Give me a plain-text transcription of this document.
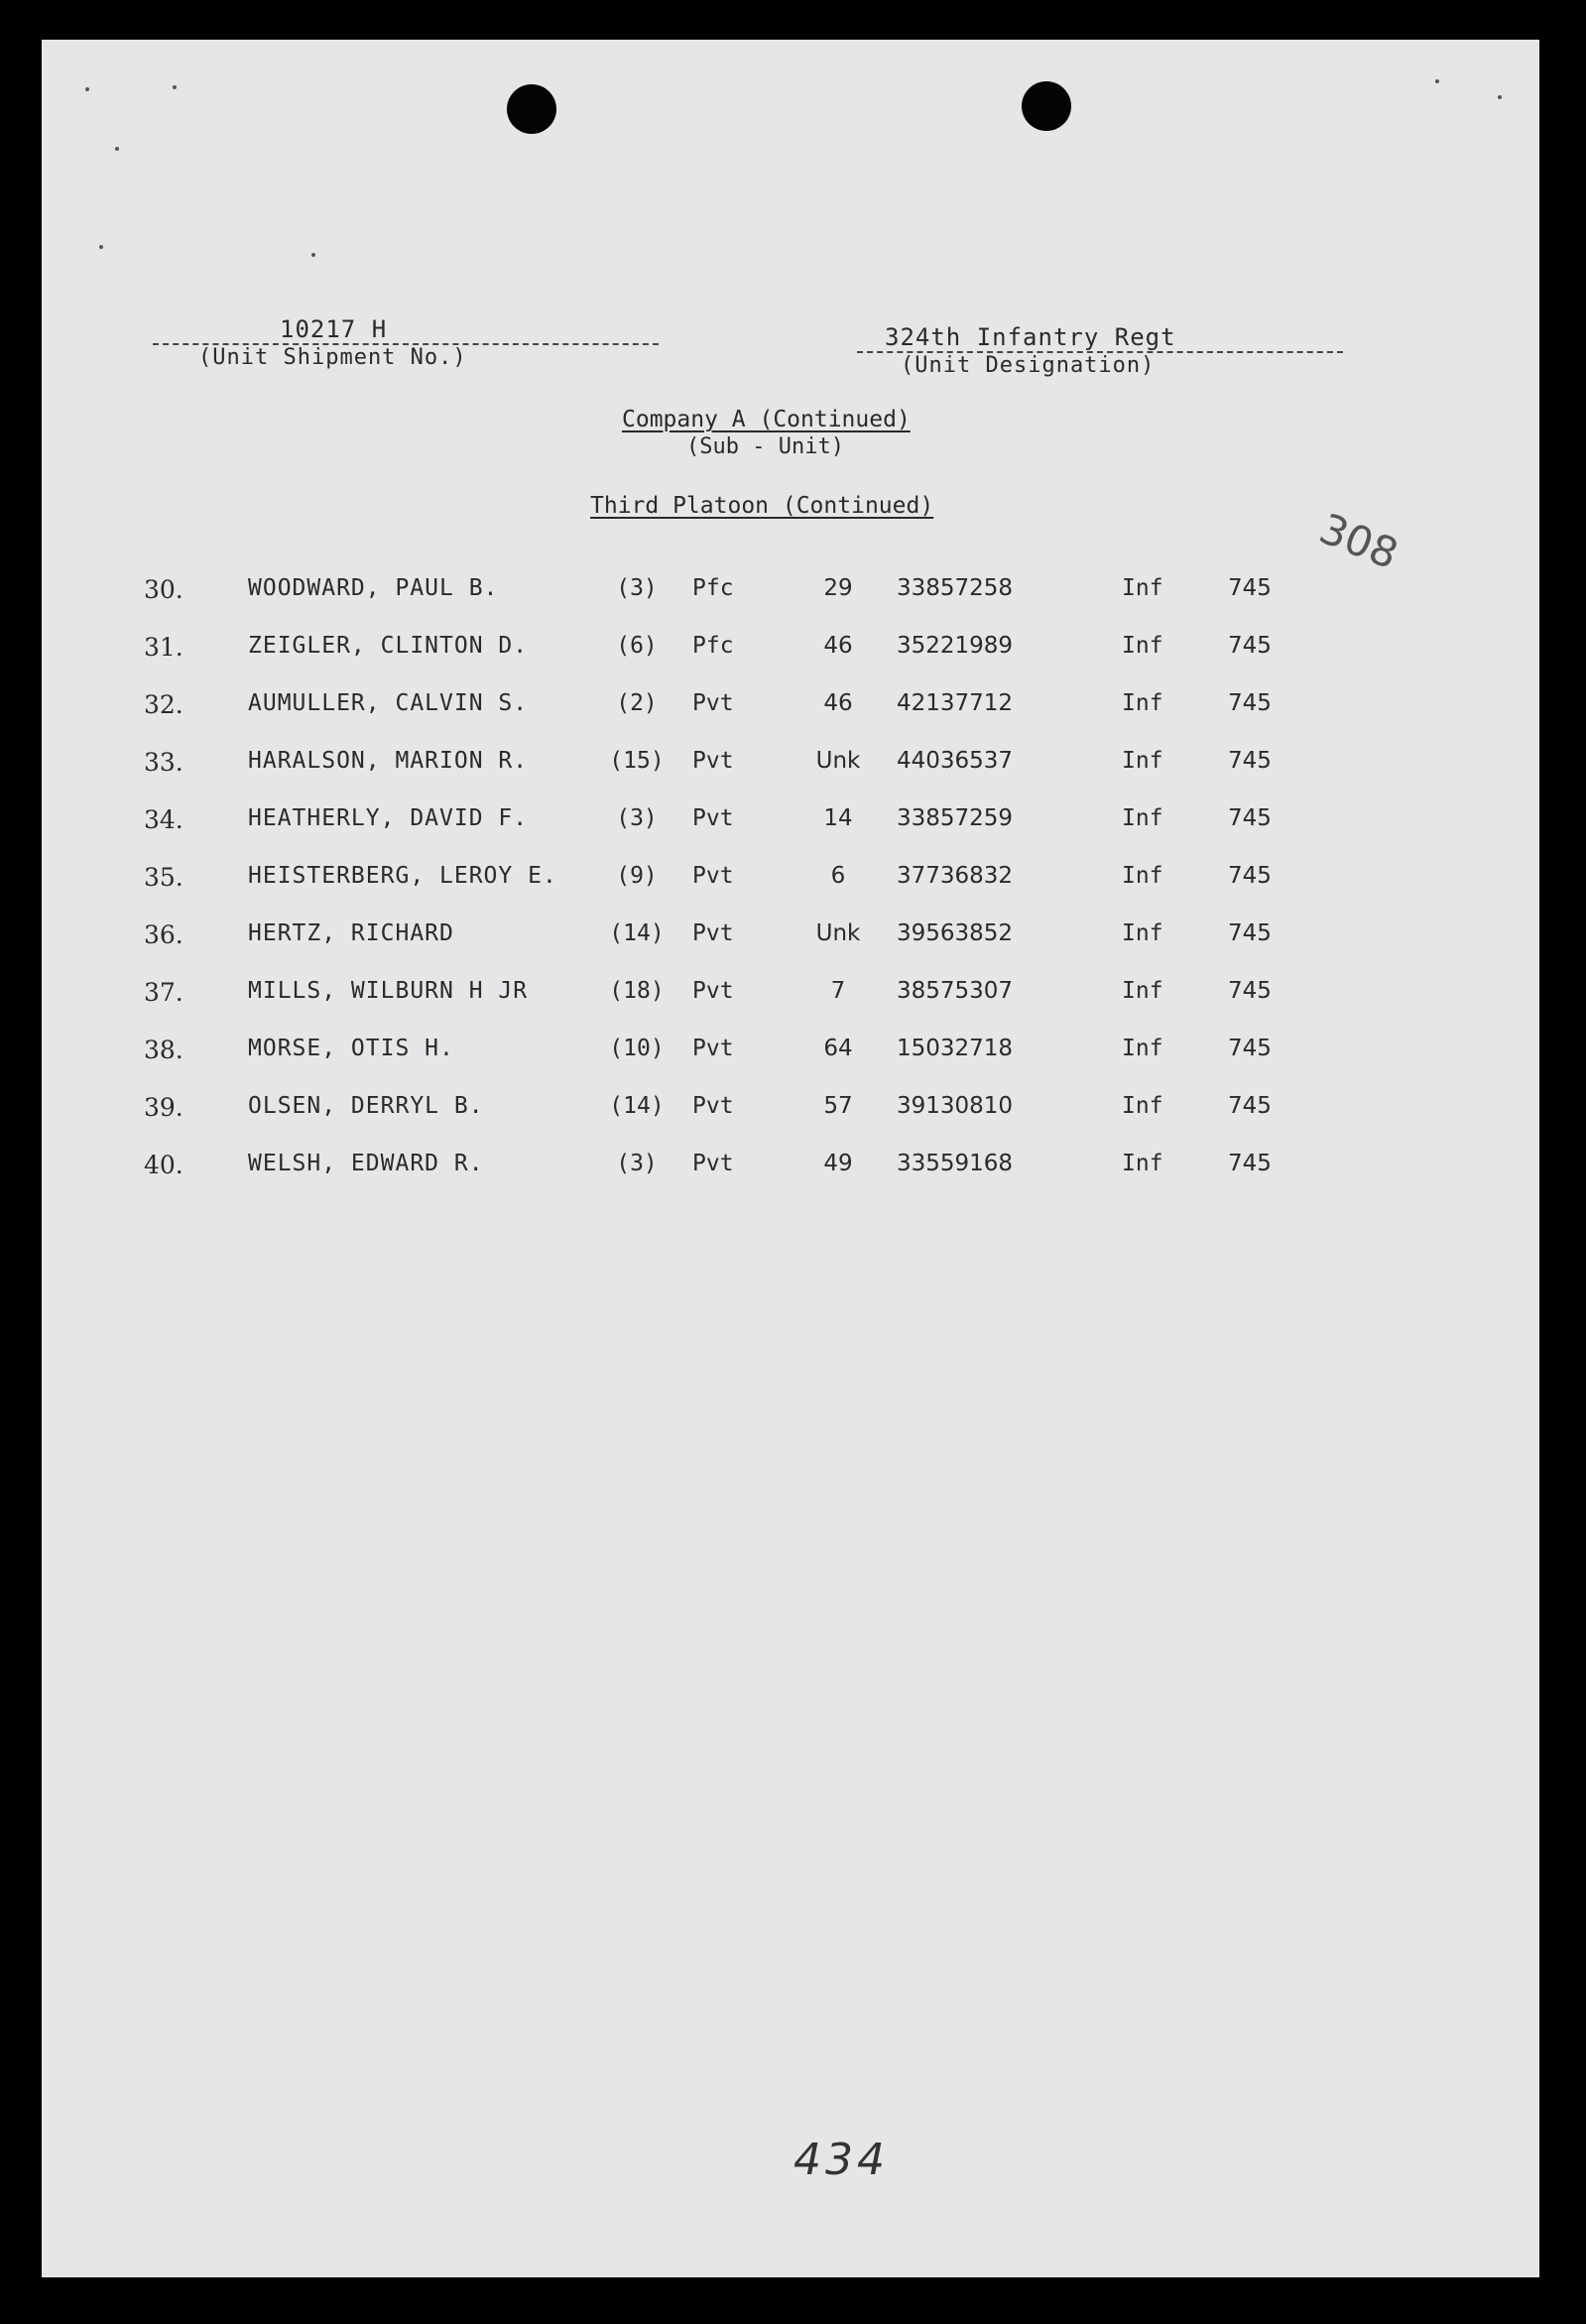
10217 H
(Unit Shipment No.)
324th Infantry Regt
(Unit Designation)
Company A (Continued)
(Sub - Unit)
Third Platoon (Continued)	308
30.	WOODWARD, PAUL B.	(3)	Pfc	29	33857258	Inf	745
31.	ZEIGLER, CLINTON D.	(6)	Pfc	46	35221989	Inf	745
32.	AUMULLER, CALVIN S.	(2)	Pvt	46	42137712	Inf	745
33.	HARALSON, MARION R.	(15)	Pvt	Unk	44036537	Inf	745
34.	HEATHERLY, DAVID F.	(3)	Pvt	14	33857259	Inf	745
35.	HEISTERBERG, LEROY E.	(9)	Pvt	6	37736832	Inf	745
36.	HERTZ, RICHARD	(14)	Pvt	Unk	39563852	Inf	745
37.	MILLS, WILBURN H JR	(18)	Pvt	7	38575307	Inf	745
38.	MORSE, OTIS H.	(10)	Pvt	64	15032718	Inf	745
39.	OLSEN, DERRYL B.	(14)	Pvt	57	39130810	Inf	745
40.	WELSH, EDWARD R.	(3)	Pvt	49	33559168	Inf	745
434
